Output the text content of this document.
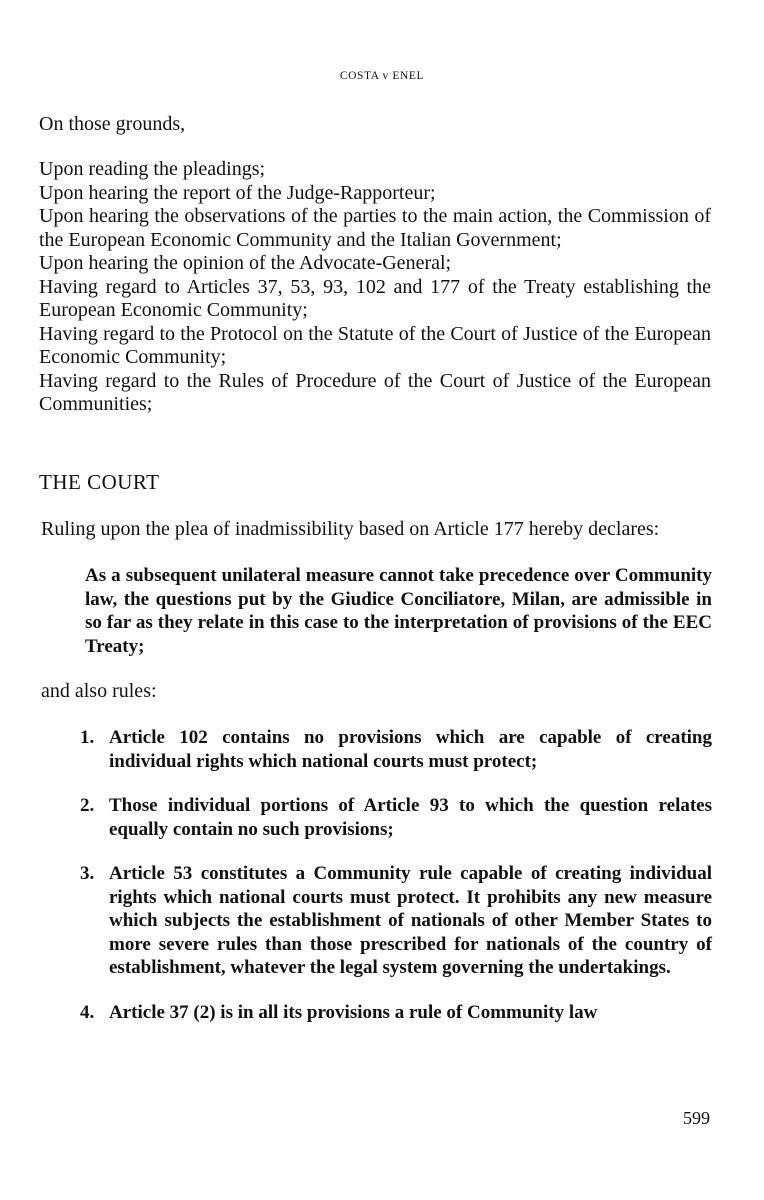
COSTA v ENEL
On those grounds,
Upon reading the pleadings;
Upon hearing the report of the Judge-Rapporteur;
Upon hearing the observations of the parties to the main action, the Commission of the European Economic Community and the Italian Government;
Upon hearing the opinion of the Advocate-General;
Having regard to Articles 37, 53, 93, 102 and 177 of the Treaty establishing the European Economic Community;
Having regard to the Protocol on the Statute of the Court of Justice of the European Economic Community;
Having regard to the Rules of Procedure of the Court of Justice of the European Communities;
THE COURT
Ruling upon the plea of inadmissibility based on Article 177 hereby declares:
As a subsequent unilateral measure cannot take precedence over Community law, the questions put by the Giudice Conciliatore, Milan, are admissible in so far as they relate in this case to the interpretation of provisions of the EEC Treaty;
and also rules:
1. Article 102 contains no provisions which are capable of creating individual rights which national courts must protect;
2. Those individual portions of Article 93 to which the question relates equally contain no such provisions;
3. Article 53 constitutes a Community rule capable of creating individual rights which national courts must protect. It prohibits any new measure which subjects the establishment of nationals of other Member States to more severe rules than those prescribed for nationals of the country of establishment, whatever the legal system governing the undertakings.
4. Article 37 (2) is in all its provisions a rule of Community law
599
